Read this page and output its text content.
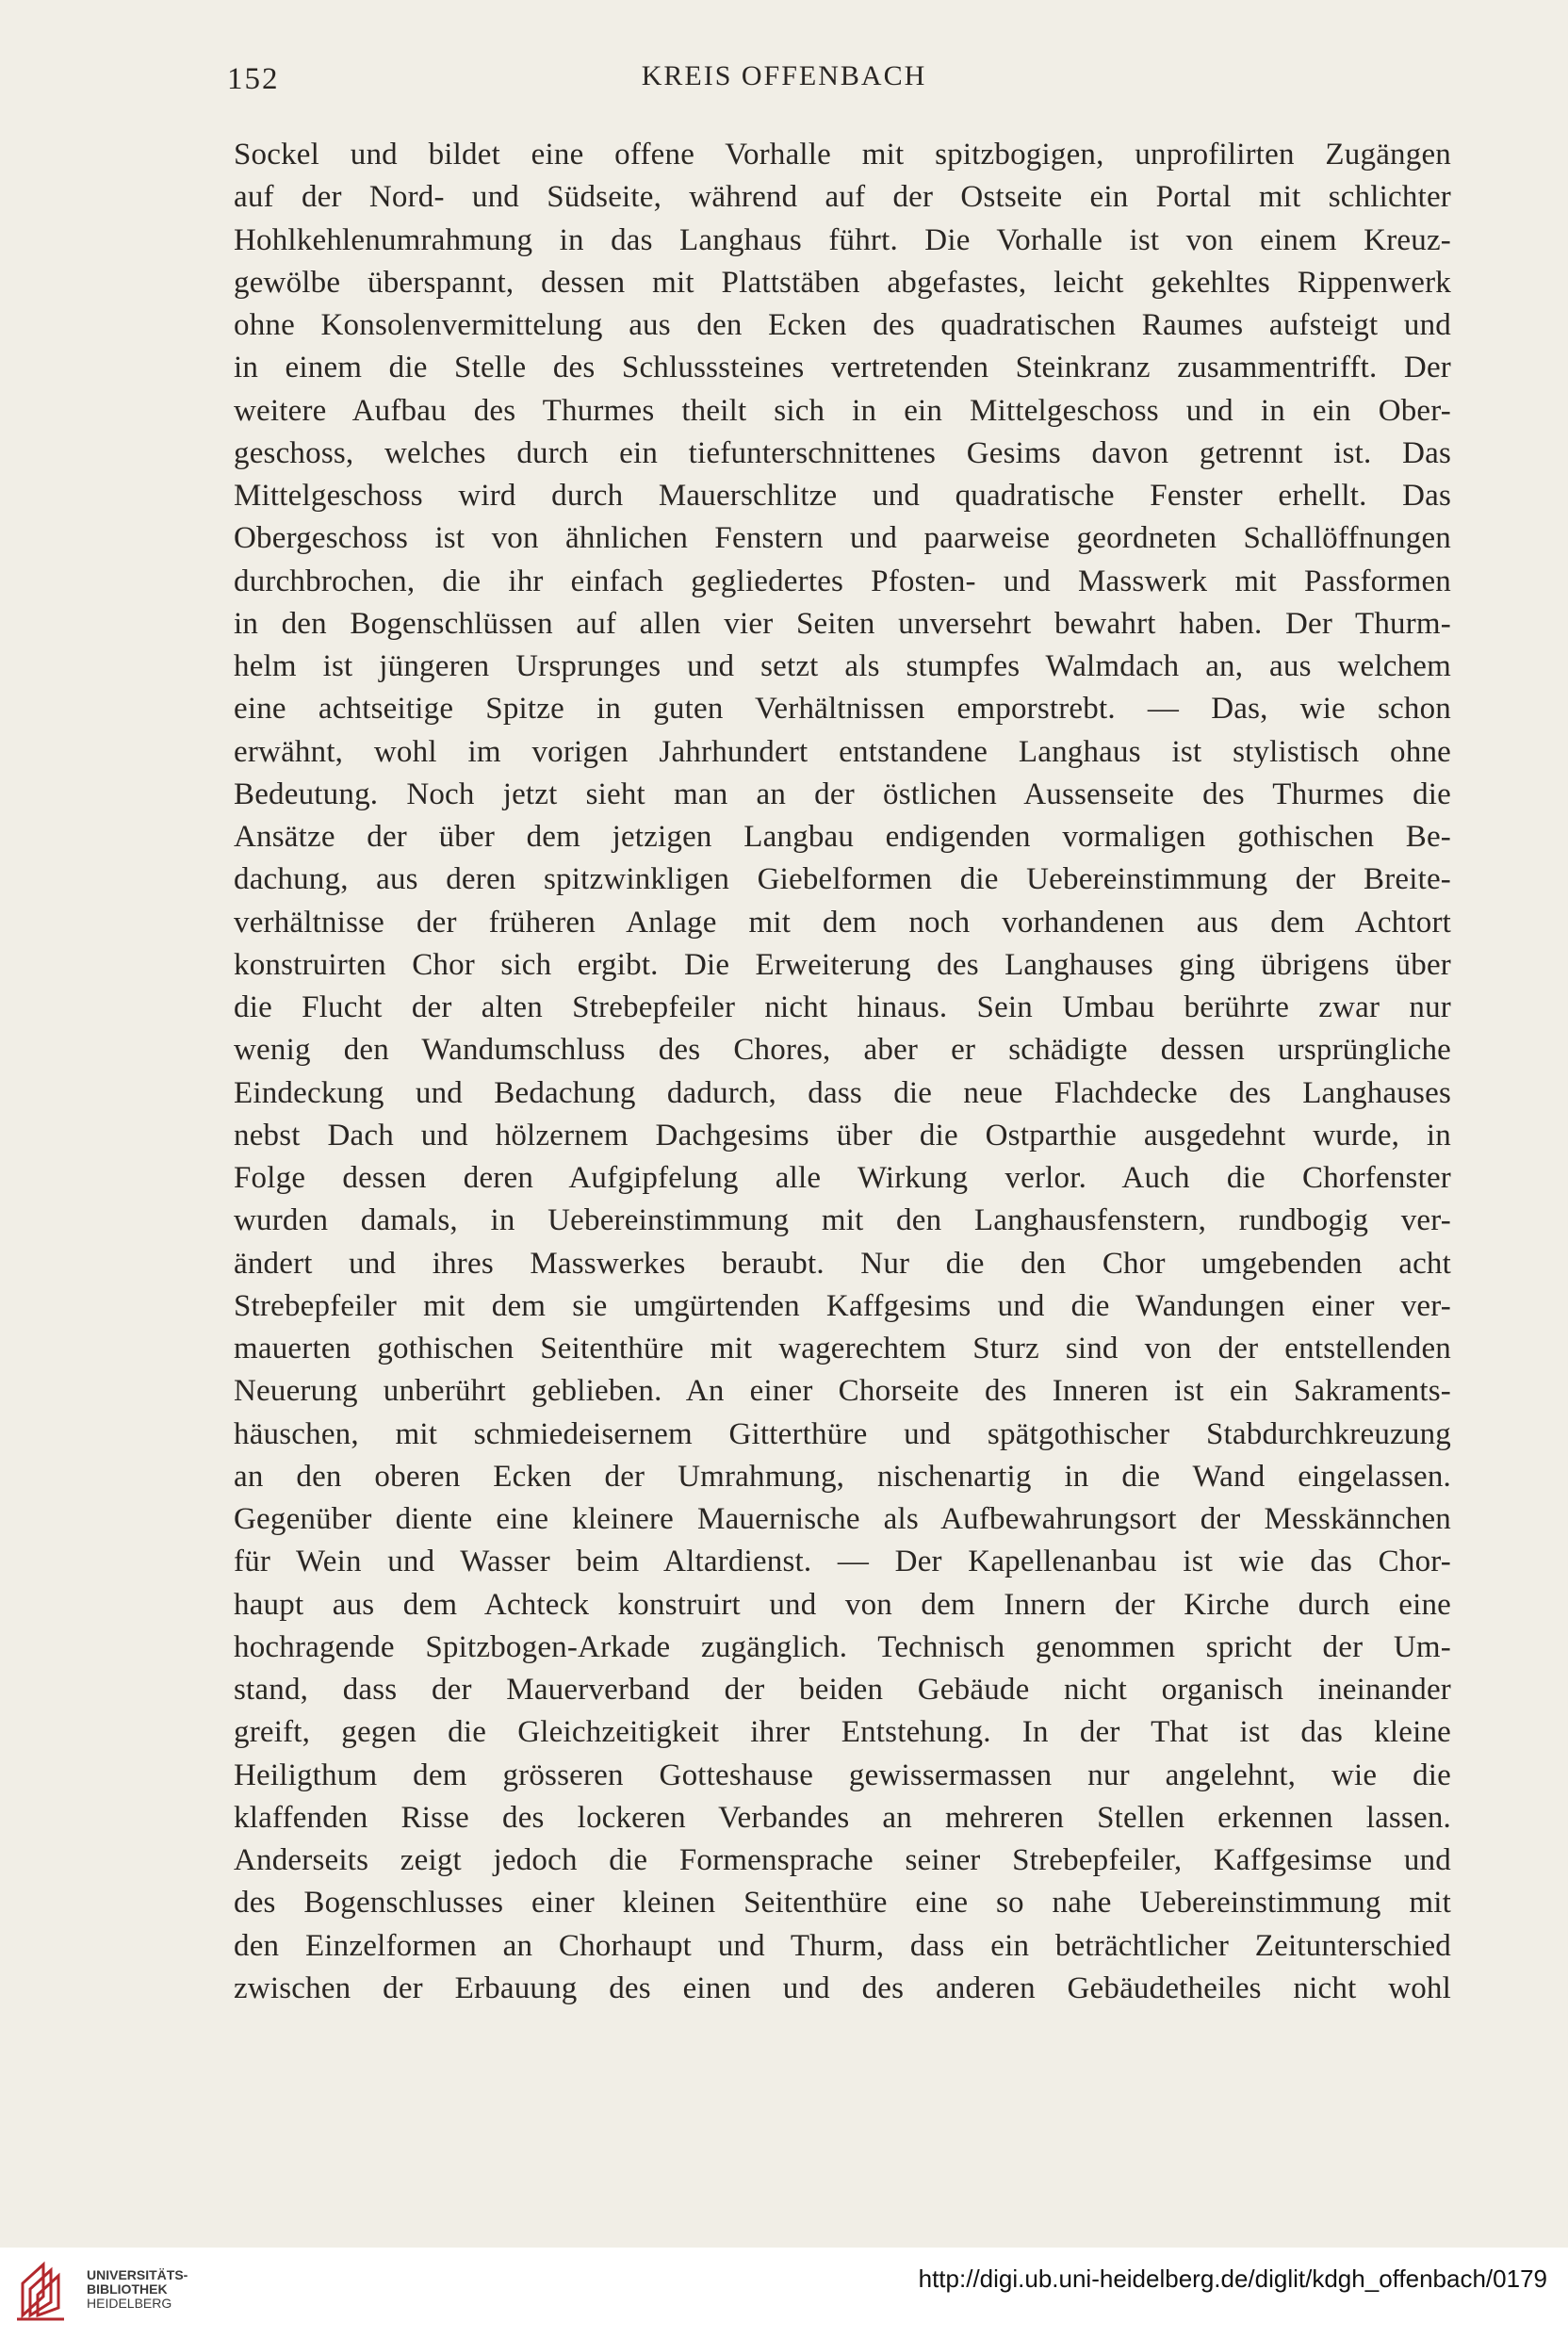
152	KREIS OFFENBACH
Sockel und bildet eine offene Vorhalle mit spitzbogigen, unprofilirten Zugängen
auf der Nord- und Südseite, während auf der Ostseite ein Portal mit schlichter
Hohlkehlenumrahmung in das Langhaus führt. Die Vorhalle ist von einem Kreuz-
gewölbe überspannt, dessen mit Plattstäben abgefastes, leicht gekehltes Rippenwerk
ohne Konsolenvermittelung aus den Ecken des quadratischen Raumes aufsteigt und
in einem die Stelle des Schlusssteines vertretenden Steinkranz zusammentrifft. Der
weitere Aufbau des Thurmes theilt sich in ein Mittelgeschoss und in ein Ober-
geschoss, welches durch ein tiefunterschnittenes Gesims davon getrennt ist. Das
Mittelgeschoss wird durch Mauerschlitze und quadratische Fenster erhellt. Das
Obergeschoss ist von ähnlichen Fenstern und paarweise geordneten Schallöffnungen
durchbrochen, die ihr einfach gegliedertes Pfosten- und Masswerk mit Passformen
in den Bogenschlüssen auf allen vier Seiten unversehrt bewahrt haben. Der Thurm-
helm ist jüngeren Ursprunges und setzt als stumpfes Walmdach an, aus welchem
eine achtseitige Spitze in guten Verhältnissen emporstrebt. — Das, wie schon
erwähnt, wohl im vorigen Jahrhundert entstandene Langhaus ist stylistisch ohne
Bedeutung. Noch jetzt sieht man an der östlichen Aussenseite des Thurmes die
Ansätze der über dem jetzigen Langbau endigenden vormaligen gothischen Be-
dachung, aus deren spitzwinkligen Giebelformen die Uebereinstimmung der Breite-
verhältnisse der früheren Anlage mit dem noch vorhandenen aus dem Achtort
konstruirten Chor sich ergibt. Die Erweiterung des Langhauses ging übrigens über
die Flucht der alten Strebepfeiler nicht hinaus. Sein Umbau berührte zwar nur
wenig den Wandumschluss des Chores, aber er schädigte dessen ursprüngliche
Eindeckung und Bedachung dadurch, dass die neue Flachdecke des Langhauses
nebst Dach und hölzernem Dachgesims über die Ostparthie ausgedehnt wurde, in
Folge dessen deren Aufgipfelung alle Wirkung verlor. Auch die Chorfenster
wurden damals, in Uebereinstimmung mit den Langhausfenstern, rundbogig ver-
ändert und ihres Masswerkes beraubt. Nur die den Chor umgebenden acht
Strebepfeiler mit dem sie umgürtenden Kaffgesims und die Wandungen einer ver-
mauerten gothischen Seitenthüre mit wagerechtem Sturz sind von der entstellenden
Neuerung unberührt geblieben. An einer Chorseite des Inneren ist ein Sakraments-
häuschen, mit schmiedeisernem Gitterthüre und spätgothischer Stabdurchkreuzung
an den oberen Ecken der Umrahmung, nischenartig in die Wand eingelassen.
Gegenüber diente eine kleinere Mauernische als Aufbewahrungsort der Messkännchen
für Wein und Wasser beim Altardienst. — Der Kapellenanbau ist wie das Chor-
haupt aus dem Achteck konstruirt und von dem Innern der Kirche durch eine
hochragende Spitzbogen-Arkade zugänglich. Technisch genommen spricht der Um-
stand, dass der Mauerverband der beiden Gebäude nicht organisch ineinander
greift, gegen die Gleichzeitigkeit ihrer Entstehung. In der That ist das kleine
Heiligthum dem grösseren Gotteshause gewissermassen nur angelehnt, wie die
klaffenden Risse des lockeren Verbandes an mehreren Stellen erkennen lassen.
Anderseits zeigt jedoch die Formensprache seiner Strebepfeiler, Kaffgesimse und
des Bogenschlusses einer kleinen Seitenthüre eine so nahe Uebereinstimmung mit
den Einzelformen an Chorhaupt und Thurm, dass ein beträchtlicher Zeitunterschied
zwischen der Erbauung des einen und des anderen Gebäudetheiles nicht wohl
UNIVERSITÄTS-
BIBLIOTHEK
HEIDELBERG
http://digi.ub.uni-heidelberg.de/diglit/kdgh_offenbach/0179
